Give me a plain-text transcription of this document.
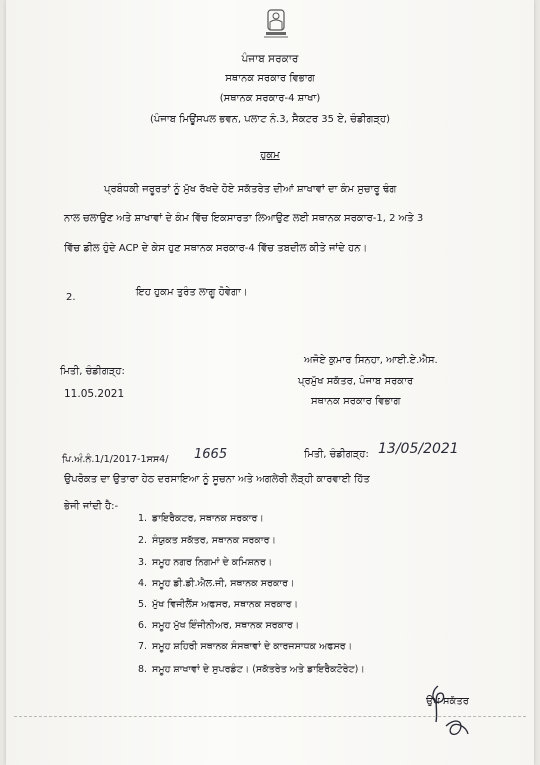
ਪੰਜਾਬ ਸਰਕਾਰ
ਸਥਾਨਕ ਸਰਕਾਰ ਵਿਭਾਗ
(ਸਥਾਨਕ ਸਰਕਾਰ-4 ਸ਼ਾਖਾ)
(ਪੰਜਾਬ ਮਿਊਂਸਪਲ ਭਵਨ, ਪਲਾਟ ਨੰ.3, ਸੈਕਟਰ 35 ਏ, ਚੰਡੀਗੜ੍ਹ)
ਹੁਕਮ
ਪ੍ਰਬੰਧਕੀ ਜਰੂਰਤਾਂ ਨੂੰ ਮੁੱਖ ਰੱਖਦੇ ਹੋਏ ਸਕੱਤਰੇਤ ਦੀਆਂ ਸ਼ਾਖਾਵਾਂ ਦਾ ਕੰਮ ਸੁਚਾਰੂ ਢੰਗ
ਨਾਲ ਚਲਾਉਣ ਅਤੇ ਸ਼ਾਖਾਵਾਂ ਦੇ ਕੰਮ ਵਿੱਚ ਇਕਸਾਰਤਾ ਲਿਆਉਣ ਲਈ ਸਥਾਨਕ ਸਰਕਾਰ-1, 2 ਅਤੇ 3
ਵਿੱਚ ਡੀਲ ਹੁੰਦੇ ACP ਦੇ ਕੇਸ ਹੁਣ ਸਥਾਨਕ ਸਰਕਾਰ-4 ਵਿੱਚ ਤਬਦੀਲ ਕੀਤੇ ਜਾਂਦੇ ਹਨ।
2.	ਇਹ ਹੁਕਮ ਤੁਰੰਤ ਲਾਗੂ ਹੋਵੇਗਾ।
ਮਿਤੀ, ਚੰਡੀਗੜ੍ਹ:
11.05.2021
ਅਜੋਏ ਕੁਮਾਰ ਸਿਨਹਾ, ਆਈ.ਏ.ਐਸ.
ਪ੍ਰਮੁੱਖ ਸਕੱਤਰ, ਪੰਜਾਬ ਸਰਕਾਰ
ਸਥਾਨਕ ਸਰਕਾਰ ਵਿਭਾਗ
ਪਿ.ਅੰ.ਨੰ.1/1/2017-1ਸਸ4/ 1665	ਮਿਤੀ, ਚੰਡੀਗੜ੍ਹ: 13/05/2021
ਉਪਰੋਕਤ ਦਾ ਉਤਾਰਾ ਹੇਠ ਦਰਸਾਇਆ ਨੂੰ ਸੂਚਨਾ ਅਤੇ ਅਗਲੇਰੀ ਲੋੜ੍ਹੀ ਕਾਰਵਾਈ ਹਿੱਤ
ਭੇਜੀ ਜਾਂਦੀ ਹੈ:-
1. ਡਾਇਰੈਕਟਰ, ਸਥਾਨਕ ਸਰਕਾਰ।
2. ਸੰਯੁਕਤ ਸਕੱਤਰ, ਸਥਾਨਕ ਸਰਕਾਰ।
3. ਸਮੂਹ ਨਗਰ ਨਿਗਮਾਂ ਦੇ ਕਮਿਸ਼ਨਰ।
4. ਸਮੂਹ ਡੀ.ਡੀ.ਐਲ.ਜੀ, ਸਥਾਨਕ ਸਰਕਾਰ।
5. ਮੁੱਖ ਵਿਜੀਲੈਂਸ ਅਫਸਰ, ਸਥਾਨਕ ਸਰਕਾਰ।
6. ਸਮੂਹ ਮੁੱਖ ਇੰਜੀਨੀਅਰ, ਸਥਾਨਕ ਸਰਕਾਰ।
7. ਸਮੂਹ ਸ਼ਹਿਰੀ ਸਥਾਨਕ ਸੰਸਥਾਵਾਂ ਦੇ ਕਾਰਜਸਾਧਕ ਅਫਸਰ।
8. ਸਮੂਹ ਸ਼ਾਖਾਵਾਂ ਦੇ ਸੁਪਰਡੰਟ। (ਸਕੱਤਰੇਤ ਅਤੇ ਡਾਇਰੈਕਟੋਰੇਟ)।
ਉਪ ਸਕੱਤਰ
